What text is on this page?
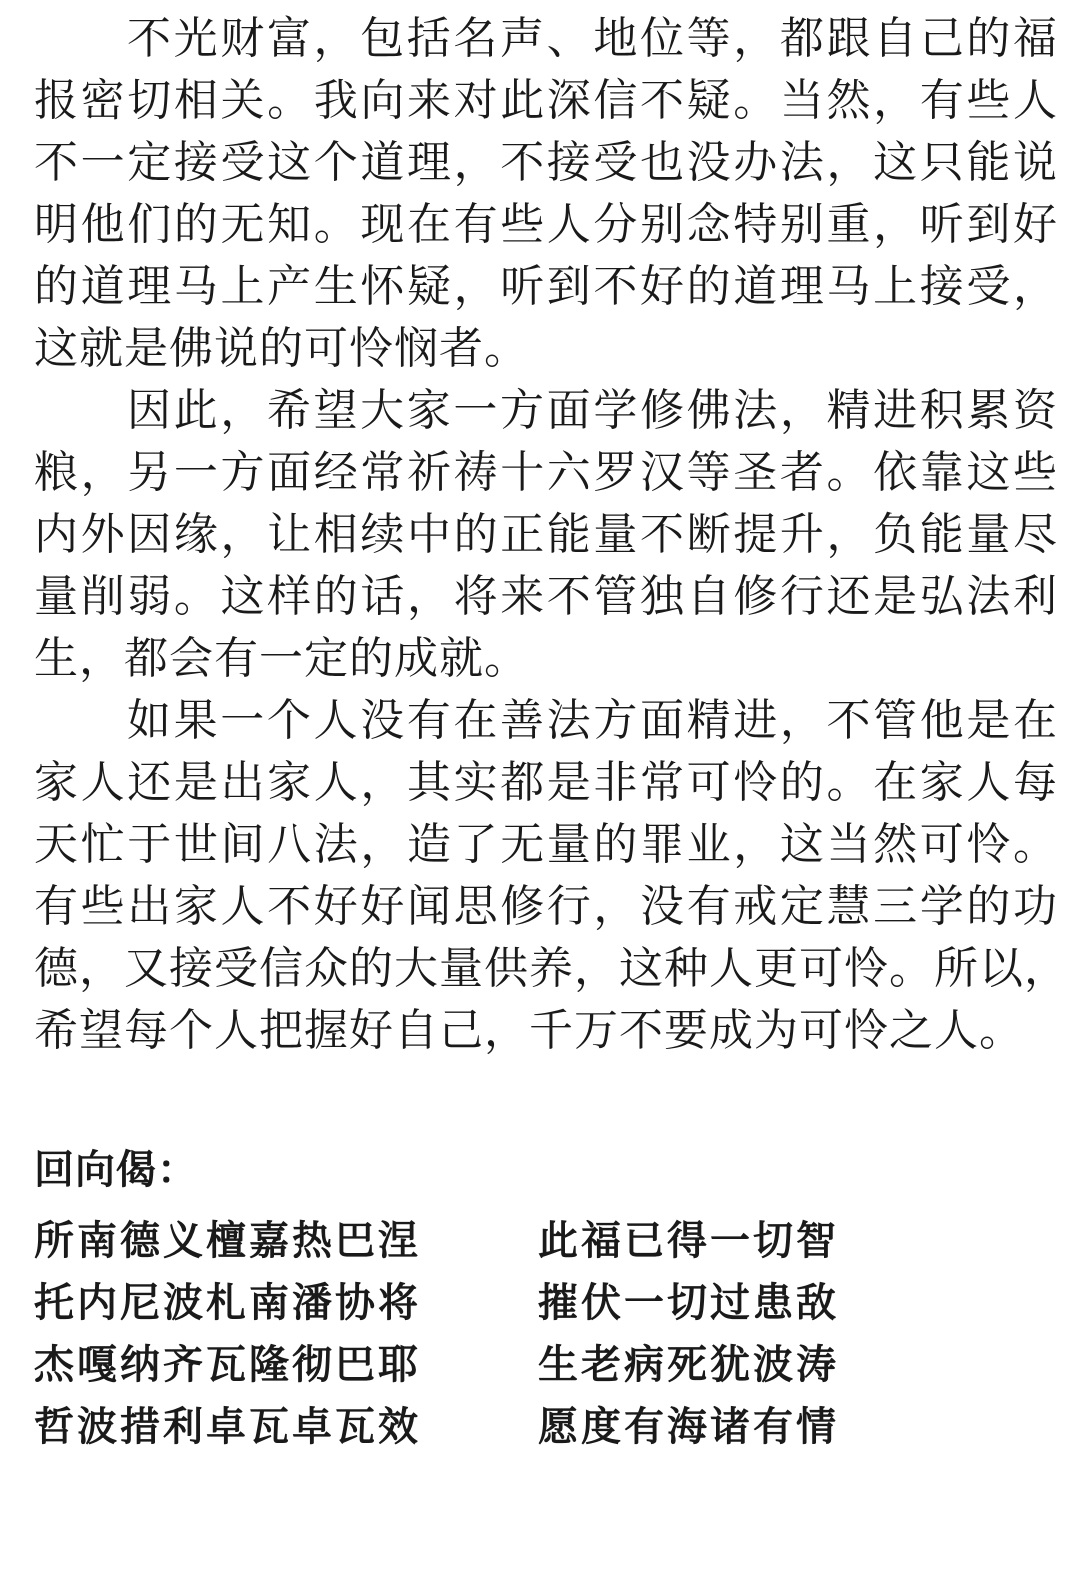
不光财富，包括名声、地位等，都跟自己的福
报密切相关。我向来对此深信不疑。当然，有些人
不一定接受这个道理，不接受也没办法，这只能说
明他们的无知。现在有些人分别念特别重，听到好
的道理马上产生怀疑，听到不好的道理马上接受，
这就是佛说的可怜悯者。
因此，希望大家一方面学修佛法，精进积累资
粮，另一方面经常祈祷十六罗汉等圣者。依靠这些
内外因缘，让相续中的正能量不断提升，负能量尽
量削弱。这样的话，将来不管独自修行还是弘法利
生，都会有一定的成就。
如果一个人没有在善法方面精进，不管他是在
家人还是出家人，其实都是非常可怜的。在家人每
天忙于世间八法，造了无量的罪业，这当然可怜。
有些出家人不好好闻思修行，没有戒定慧三学的功
德，又接受信众的大量供养，这种人更可怜。所以，
希望每个人把握好自己，千万不要成为可怜之人。
回向偈：
所南德义檀嘉热巴涅	此福已得一切智
托内尼波札南潘协将	摧伏一切过患敌
杰嘎纳齐瓦隆彻巴耶	生老病死犹波涛
哲波措利卓瓦卓瓦效	愿度有海诸有情
